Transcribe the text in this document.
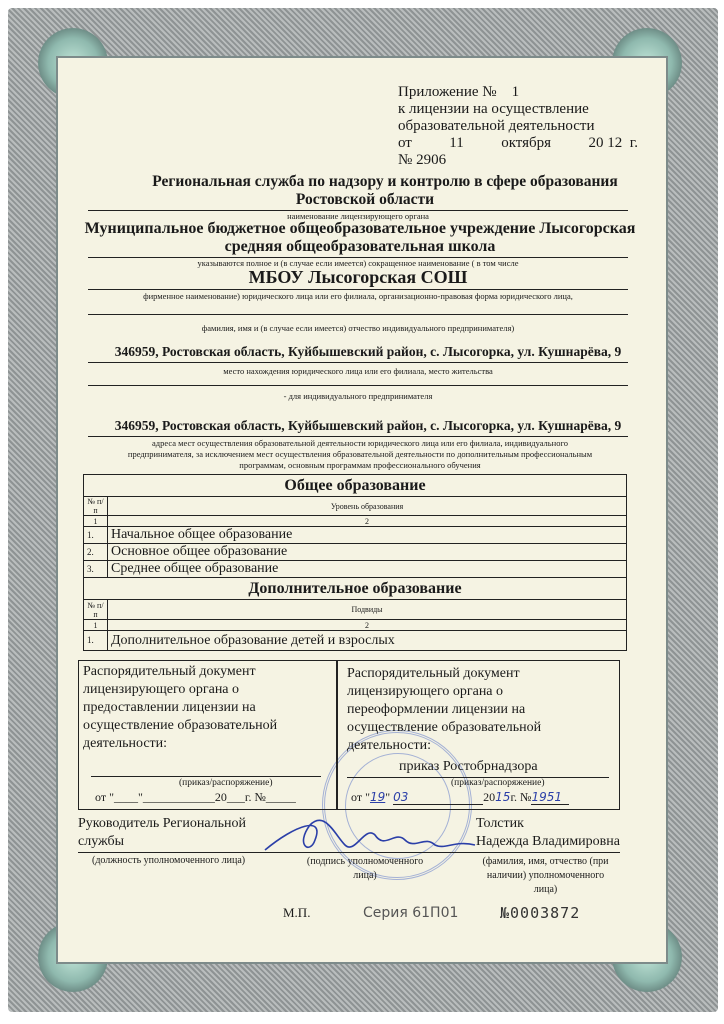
Приложение № 1
к лицензии на осуществление
образовательной деятельности
от 11 октября 20 12 г.
№ 2906
Региональная служба по надзору и контролю в сфере образования
Ростовской области
наименование лицензирующего органа
Муниципальное бюджетное общеобразовательное учреждение Лысогорская
средняя общеобразовательная школа
указываются полное и (в случае если имеется) сокращенное наименование ( в том числе
МБОУ Лысогорская СОШ
фирменное наименование) юридического лица или его филиала, организационно-правовая форма юридического лица,
фамилия, имя и (в случае если имеется) отчество индивидуального предпринимателя)
346959, Ростовская область, Куйбышевский район, с. Лысогорка, ул. Кушнарёва, 9
место нахождения юридического лица или его филиала, место жительства
- для индивидуального предпринимателя
346959, Ростовская область, Куйбышевский район, с. Лысогорка, ул. Кушнарёва, 9
адреса мест осуществления образовательной деятельности юридического лица или его филиала, индивидуального
предпринимателя, за исключением мест осуществления образовательной деятельности по дополнительным профессиональным
программам, основным программам профессионального обучения
Общее образование	
№ п/п	Уровень образования
1	2
1.	Начальное общее образование
2.	Основное общее образование
3.	Среднее общее образование
Дополнительное образование	
№ п/п	Подвиды
1	2
1.	Дополнительное образование детей и взрослых
Распорядительный документ
лицензирующего органа о
предоставлении лицензии на
осуществление образовательной
деятельности:
(приказ/распоряжение)
от "____"____________20___г. №_____
Распорядительный документ
лицензирующего органа о
переоформлении лицензии на
осуществление образовательной
деятельности:
приказ Ростобрнадзора
(приказ/распоряжение)
от "19" 03	2015г. №1951
Руководитель Региональной
службы
(должность уполномоченного лица)	(подпись уполномоченного лица)
Толстик
Надежда Владимировна
(фамилия, имя, отчество (при наличии) уполномоченного лица)
М.П.	Серия 61П01	№0003872
